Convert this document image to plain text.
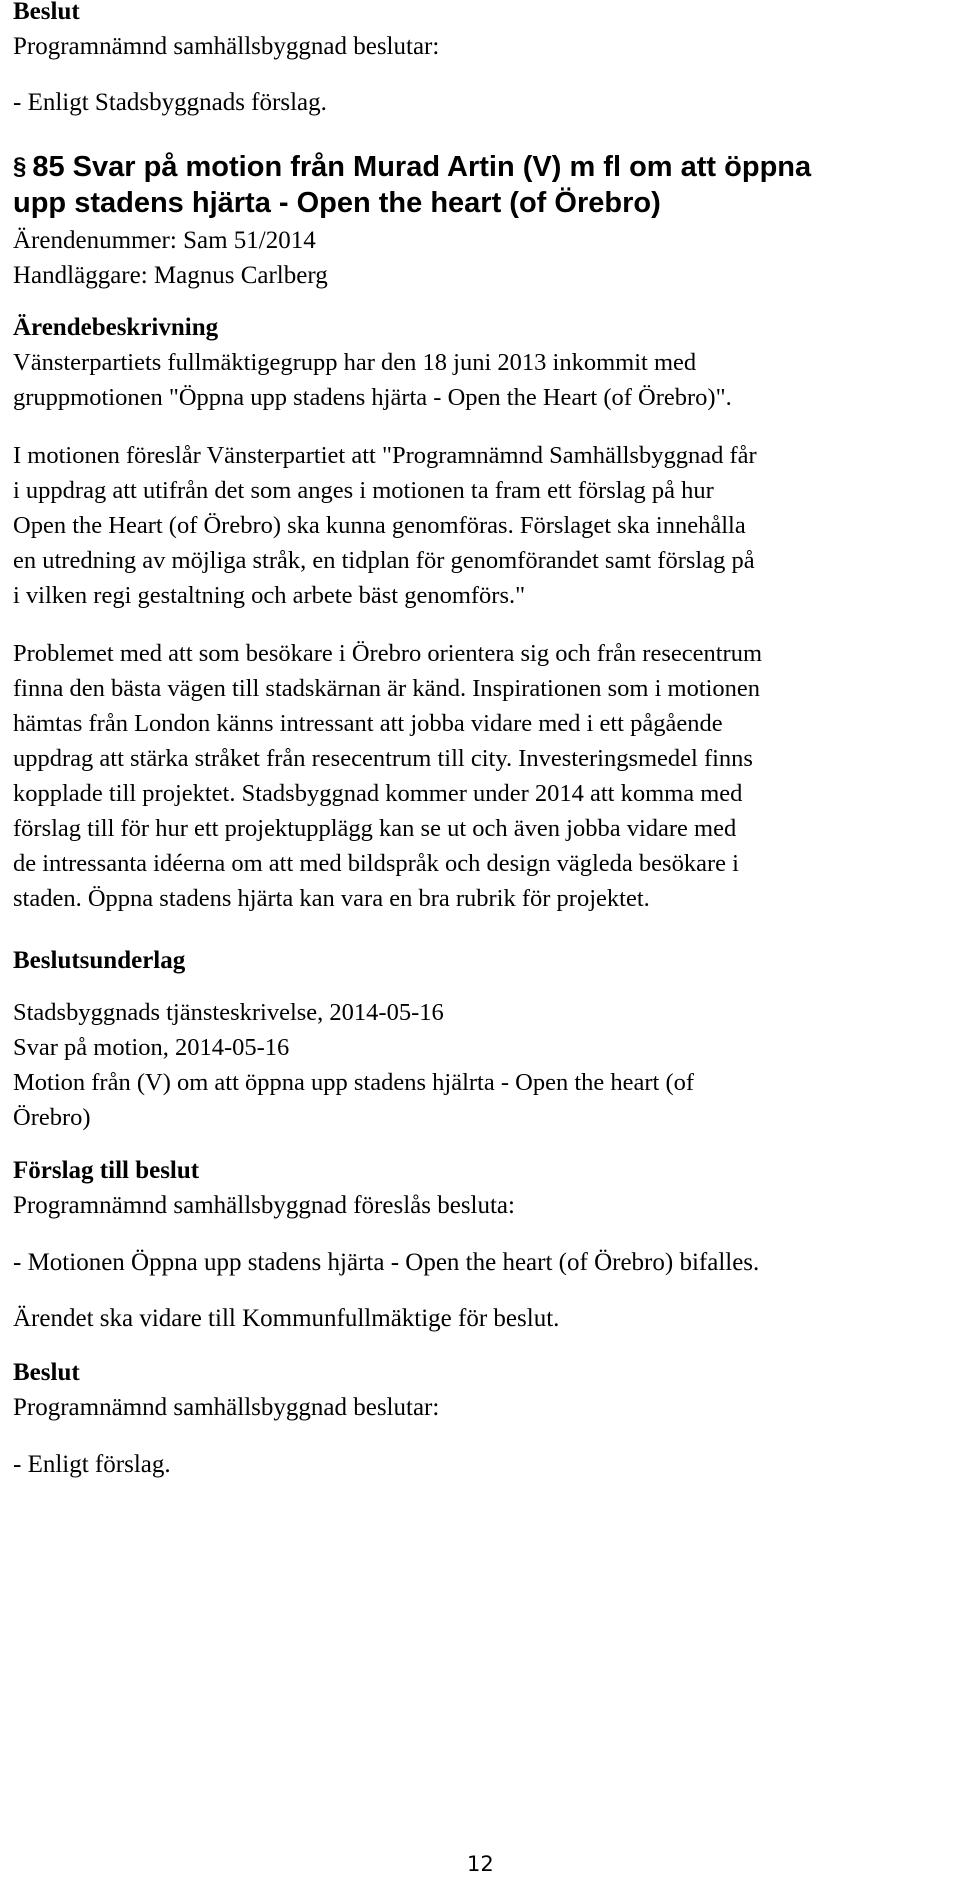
Beslut

Programnämnd samhällsbyggnad beslutar:

- Enligt Stadsbyggnads förslag.

§ 85 Svar på motion från Murad Artin (V) m fl om att öppna

upp stadens hjärta - Open the heart (of Örebro)

Ärendenummer: Sam 51/2014

Handläggare: Magnus Carlberg

Ärendebeskrivning

Vänsterpartiets fullmäktigegrupp har den 18 juni 2013 inkommit med
gruppmotionen "Öppna upp stadens hjärta - Open the Heart (of Örebro)".
I motionen föreslår Vänsterpartiet att "Programnämnd Samhällsbyggnad får
i uppdrag att utifrån det som anges i motionen ta fram ett förslag på hur
Open the Heart (of Örebro) ska kunna genomföras. Förslaget ska innehålla
en utredning av möjliga stråk, en tidplan för genomförandet samt förslag på
i vilken regi gestaltning och arbete bäst genomförs."
Problemet med att som besökare i Örebro orientera sig och från resecentrum
finna den bästa vägen till stadskärnan är känd. Inspirationen som i motionen
hämtas från London känns intressant att jobba vidare med i ett pågående
uppdrag att stärka stråket från resecentrum till city. Investeringsmedel finns
kopplade till projektet. Stadsbyggnad kommer under 2014 att komma med
förslag till för hur ett projektupplägg kan se ut och även jobba vidare med
de intressanta idéerna om att med bildspråk och design vägleda besökare i
staden. Öppna stadens hjärta kan vara en bra rubrik för projektet.

Beslutsunderlag

Stadsbyggnads tjänsteskrivelse, 2014-05-16
Svar på motion, 2014-05-16
Motion från (V) om att öppna upp stadens hjälrta - Open the heart (of
Örebro)

Förslag till beslut

Programnämnd samhällsbyggnad föreslås besluta:

- Motionen Öppna upp stadens hjärta - Open the heart (of Örebro) bifalles.

Ärendet ska vidare till Kommunfullmäktige för beslut.

Beslut

Programnämnd samhällsbyggnad beslutar:

- Enligt förslag.

12
